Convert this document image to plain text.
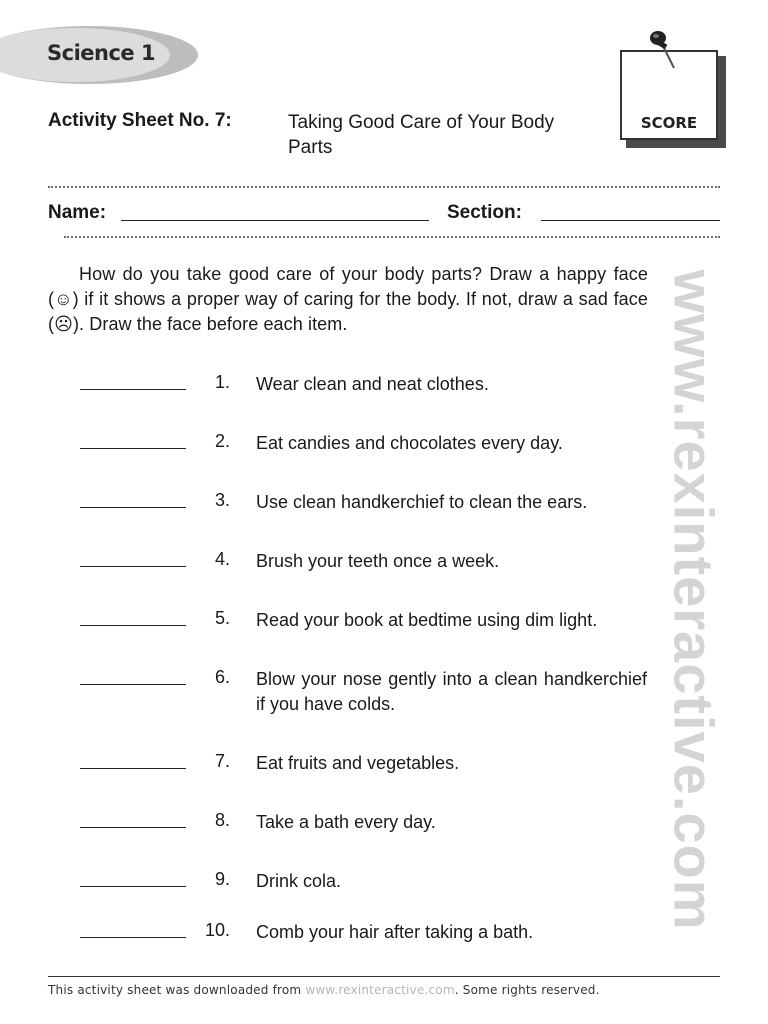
Science 1
Activity Sheet No. 7:	Taking Good Care of Your Body Parts
SCORE
Name:	Section:
How do you take good care of your body parts? Draw a happy face (☺) if it shows a proper way of caring for the body. If not, draw a sad face (☹). Draw the face before each item.
1. Wear clean and neat clothes.
2. Eat candies and chocolates every day.
3. Use clean handkerchief to clean the ears.
4. Brush your teeth once a week.
5. Read your book at bedtime using dim light.
6. Blow your nose gently into a clean handkerchief if you have colds.
7. Eat fruits and vegetables.
8. Take a bath every day.
9. Drink cola.
10. Comb your hair after taking a bath.
www.rexinteractive.com
This activity sheet was downloaded from www.rexinteractive.com. Some rights reserved.
